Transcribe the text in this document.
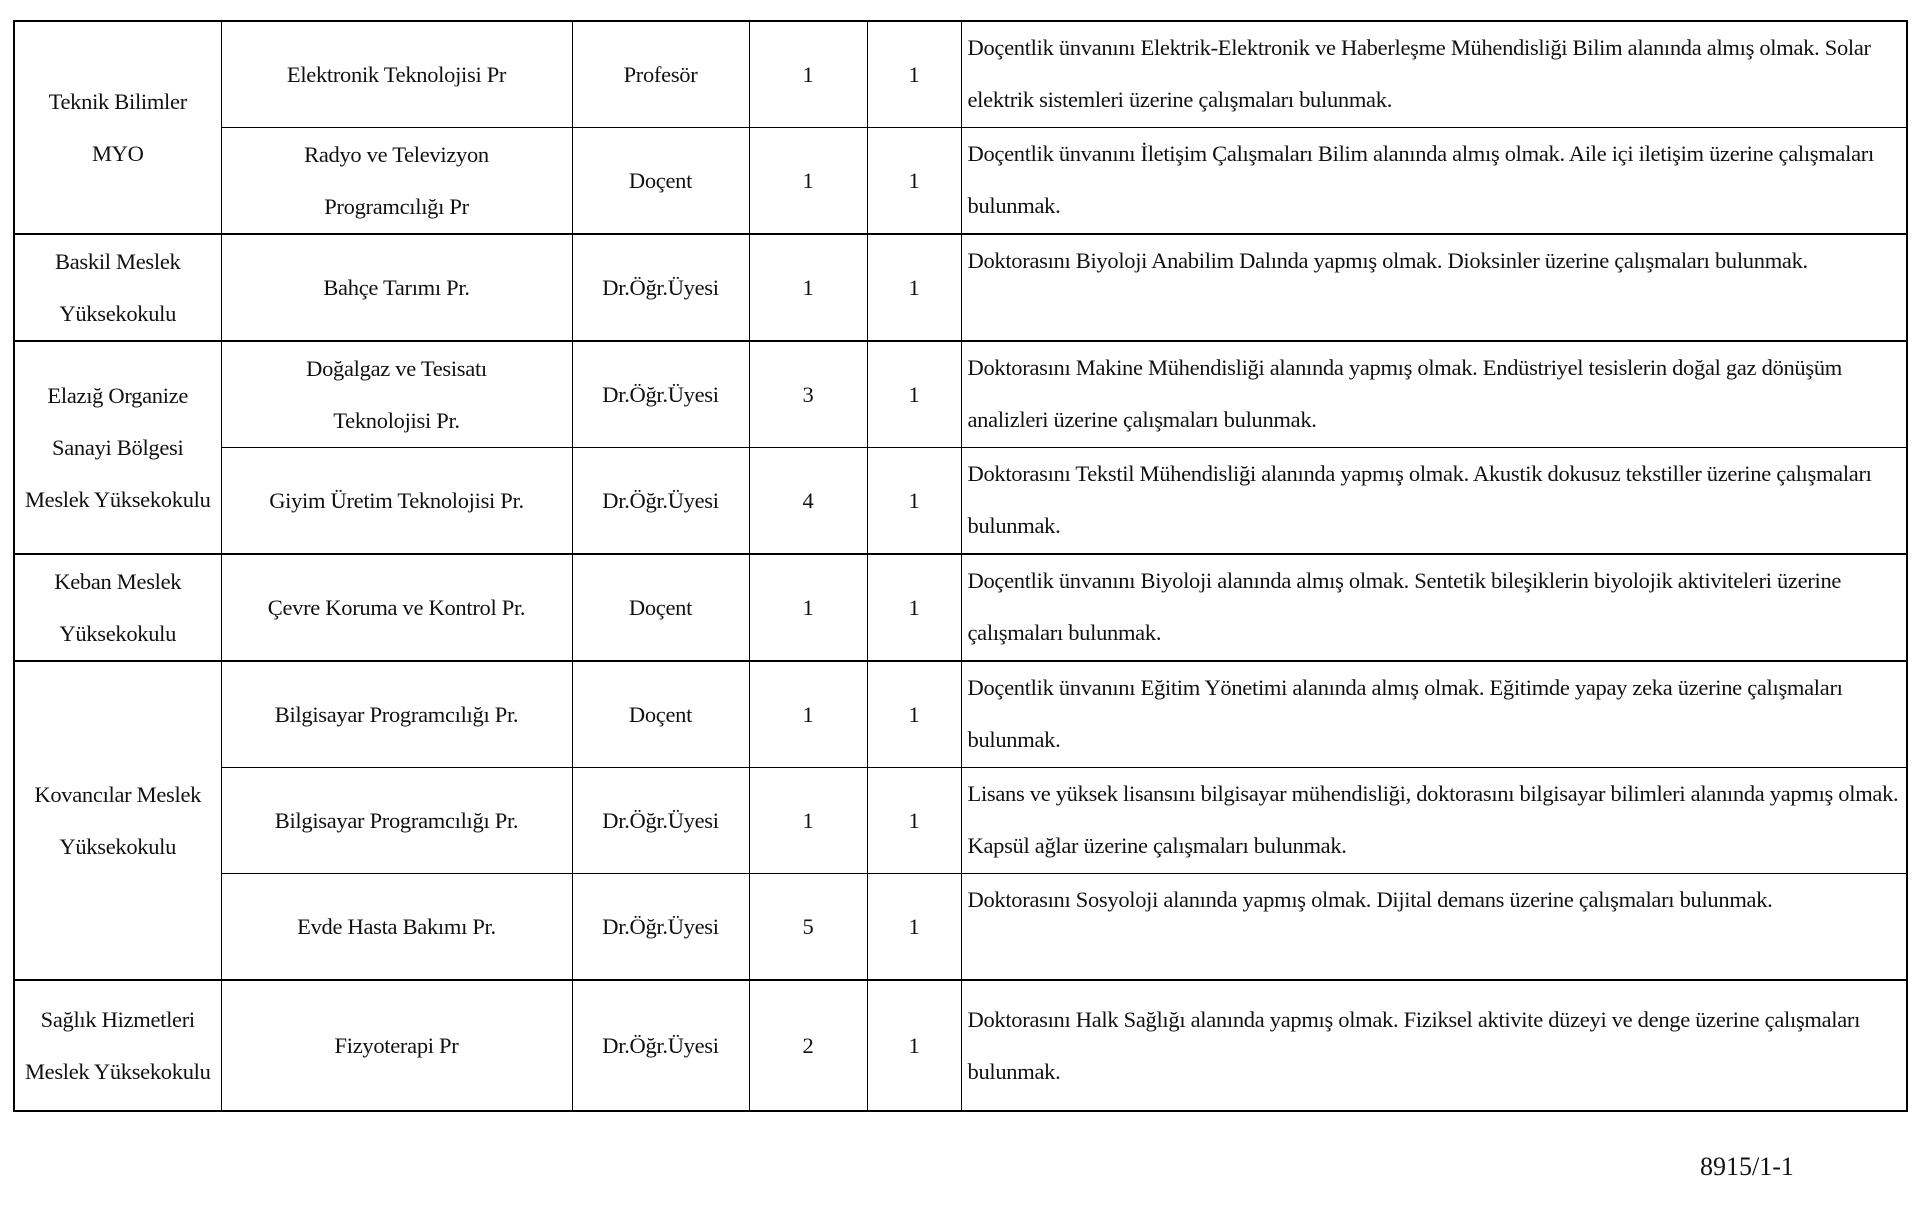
Teknik Bilimler MYO	Elektronik Teknolojisi Pr	Profesör	1	1	Doçentlik ünvanını Elektrik-Elektronik ve Haberleşme Mühendisliği Bilim alanında almış olmak. Solar elektrik sistemleri üzerine çalışmaları bulunmak.
	Radyo ve Televizyon Programcılığı Pr	Doçent	1	1	Doçentlik ünvanını İletişim Çalışmaları Bilim alanında almış olmak. Aile içi iletişim üzerine çalışmaları bulunmak.
Baskil Meslek Yüksekokulu	Bahçe Tarımı Pr.	Dr.Öğr.Üyesi	1	1	Doktorasını Biyoloji Anabilim Dalında yapmış olmak. Dioksinler üzerine çalışmaları bulunmak.
Elazığ Organize Sanayi Bölgesi Meslek Yüksekokulu	Doğalgaz ve Tesisatı Teknolojisi Pr.	Dr.Öğr.Üyesi	3	1	Doktorasını Makine Mühendisliği alanında yapmış olmak. Endüstriyel tesislerin doğal gaz dönüşüm analizleri üzerine çalışmaları bulunmak.
	Giyim Üretim Teknolojisi Pr.	Dr.Öğr.Üyesi	4	1	Doktorasını Tekstil Mühendisliği alanında yapmış olmak. Akustik dokusuz tekstiller üzerine çalışmaları bulunmak.
Keban Meslek Yüksekokulu	Çevre Koruma ve Kontrol Pr.	Doçent	1	1	Doçentlik ünvanını Biyoloji alanında almış olmak. Sentetik bileşiklerin biyolojik aktiviteleri üzerine çalışmaları bulunmak.
Kovancılar Meslek Yüksekokulu	Bilgisayar Programcılığı Pr.	Doçent	1	1	Doçentlik ünvanını Eğitim Yönetimi alanında almış olmak. Eğitimde yapay zeka üzerine çalışmaları bulunmak.
	Bilgisayar Programcılığı Pr.	Dr.Öğr.Üyesi	1	1	Lisans ve yüksek lisansını bilgisayar mühendisliği, doktorasını bilgisayar bilimleri alanında yapmış olmak. Kapsül ağlar üzerine çalışmaları bulunmak.
	Evde Hasta Bakımı Pr.	Dr.Öğr.Üyesi	5	1	Doktorasını Sosyoloji alanında yapmış olmak. Dijital demans üzerine çalışmaları bulunmak.
Sağlık Hizmetleri Meslek Yüksekokulu	Fizyoterapi Pr	Dr.Öğr.Üyesi	2	1	Doktorasını Halk Sağlığı alanında yapmış olmak. Fiziksel aktivite düzeyi ve denge üzerine çalışmaları bulunmak.
8915/1-1
